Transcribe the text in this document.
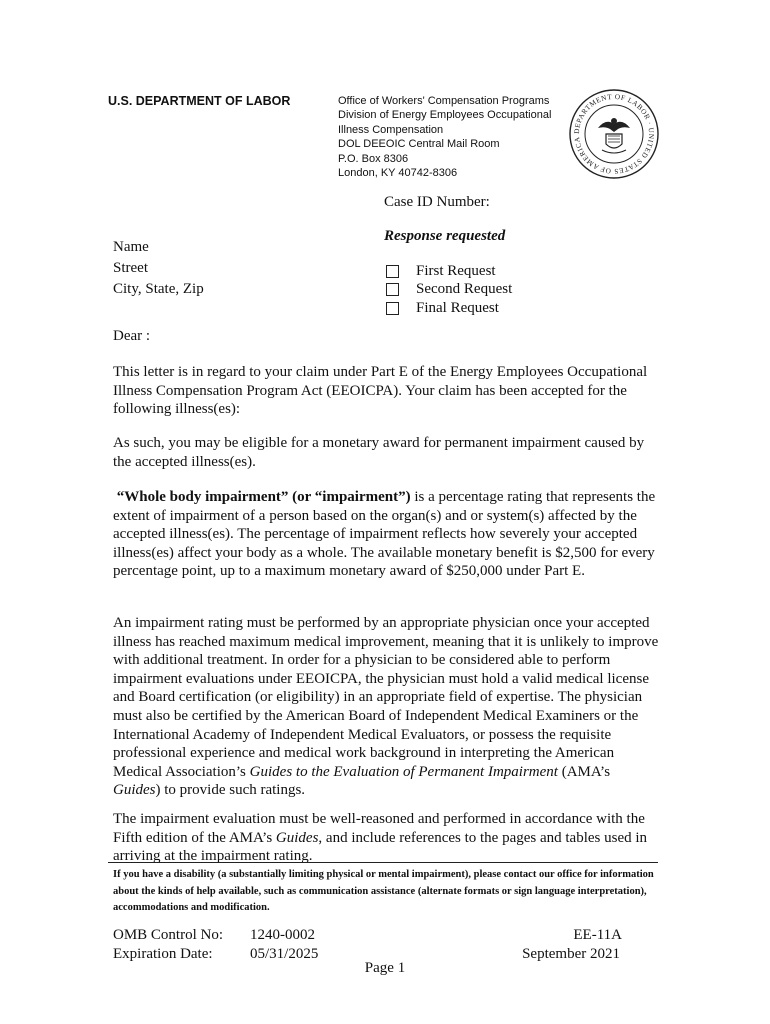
U.S. DEPARTMENT OF LABOR	Office of Workers' Compensation Programs
Division of Energy Employees Occupational
Illness Compensation
DOL DEEOIC Central Mail Room
P.O. Box 8306
London, KY 40742-8306
DEPARTMENT OF LABOR · UNITED STATES OF AMERICA
Case ID Number:
Response requested
Name
Street
City, State, Zip
First Request
Second Request
Final Request
Dear :

This letter is in regard to your claim under Part E of the Energy Employees Occupational Illness Compensation Program Act (EEOICPA). Your claim has been accepted for the following illness(es):

As such, you may be eligible for a monetary award for permanent impairment caused by the accepted illness(es).

“Whole body impairment” (or “impairment”) is a percentage rating that represents the extent of impairment of a person based on the organ(s) and or system(s) affected by the accepted illness(es). The percentage of impairment reflects how severely your accepted illness(es) affect your body as a whole. The available monetary benefit is $2,500 for every percentage point, up to a maximum monetary award of $250,000 under Part E.

An impairment rating must be performed by an appropriate physician once your accepted illness has reached maximum medical improvement, meaning that it is unlikely to improve with additional treatment. In order for a physician to be considered able to perform impairment evaluations under EEOICPA, the physician must hold a valid medical license and Board certification (or eligibility) in an appropriate field of expertise. The physician must also be certified by the American Board of Independent Medical Examiners or the International Academy of Independent Medical Evaluators, or possess the requisite professional experience and medical work background in interpreting the American Medical Association’s Guides to the Evaluation of Permanent Impairment (AMA’s Guides) to provide such ratings.

The impairment evaluation must be well-reasoned and performed in accordance with the Fifth edition of the AMA’s Guides, and include references to the pages and tables used in arriving at the impairment rating.

If you have a disability (a substantially limiting physical or mental impairment), please contact our office for information about the kinds of help available, such as communication assistance (alternate formats or sign language interpretation), accommodations and modification.
OMB Control No: 1240-0002
Expiration Date: 05/31/2025
EE-11A
September 2021
Page 1
